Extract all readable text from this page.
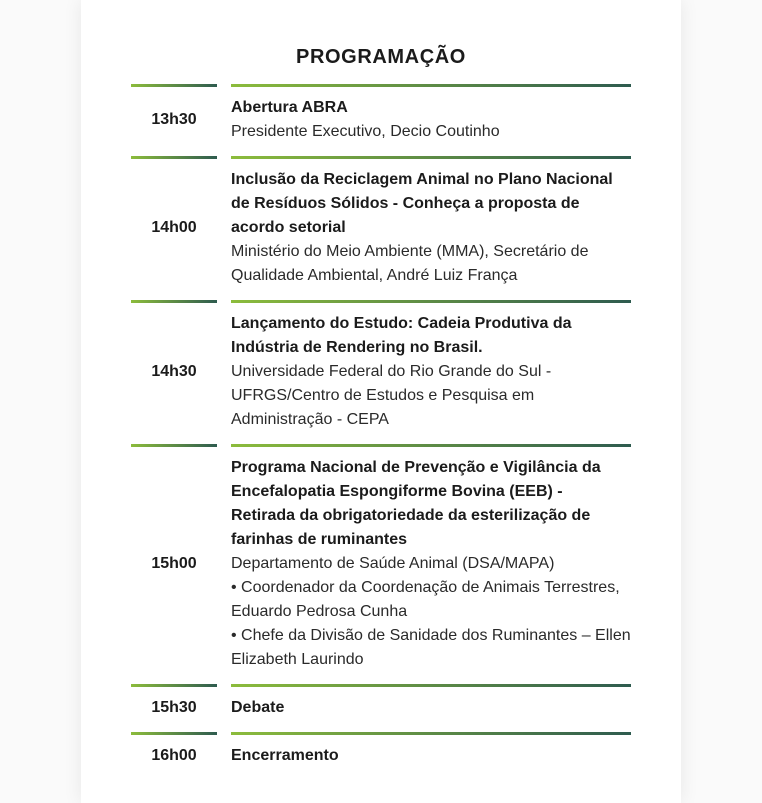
PROGRAMAÇÃO
13h30
Abertura ABRA
Presidente Executivo, Decio Coutinho
14h00
Inclusão da Reciclagem Animal no Plano Nacional de Resíduos Sólidos - Conheça a proposta de acordo setorial
Ministério do Meio Ambiente (MMA), Secretário de Qualidade Ambiental, André Luiz França
14h30
Lançamento do Estudo: Cadeia Produtiva da Indústria de Rendering no Brasil.
Universidade Federal do Rio Grande do Sul - UFRGS/Centro de Estudos e Pesquisa em Administração - CEPA
15h00
Programa Nacional de Prevenção e Vigilância da Encefalopatia Espongiforme Bovina (EEB) - Retirada da obrigatoriedade da esterilização de farinhas de ruminantes
Departamento de Saúde Animal (DSA/MAPA)
• Coordenador da Coordenação de Animais Terrestres, Eduardo Pedrosa Cunha
• Chefe da Divisão de Sanidade dos Ruminantes – Ellen Elizabeth Laurindo
15h30	Debate
16h00	Encerramento
